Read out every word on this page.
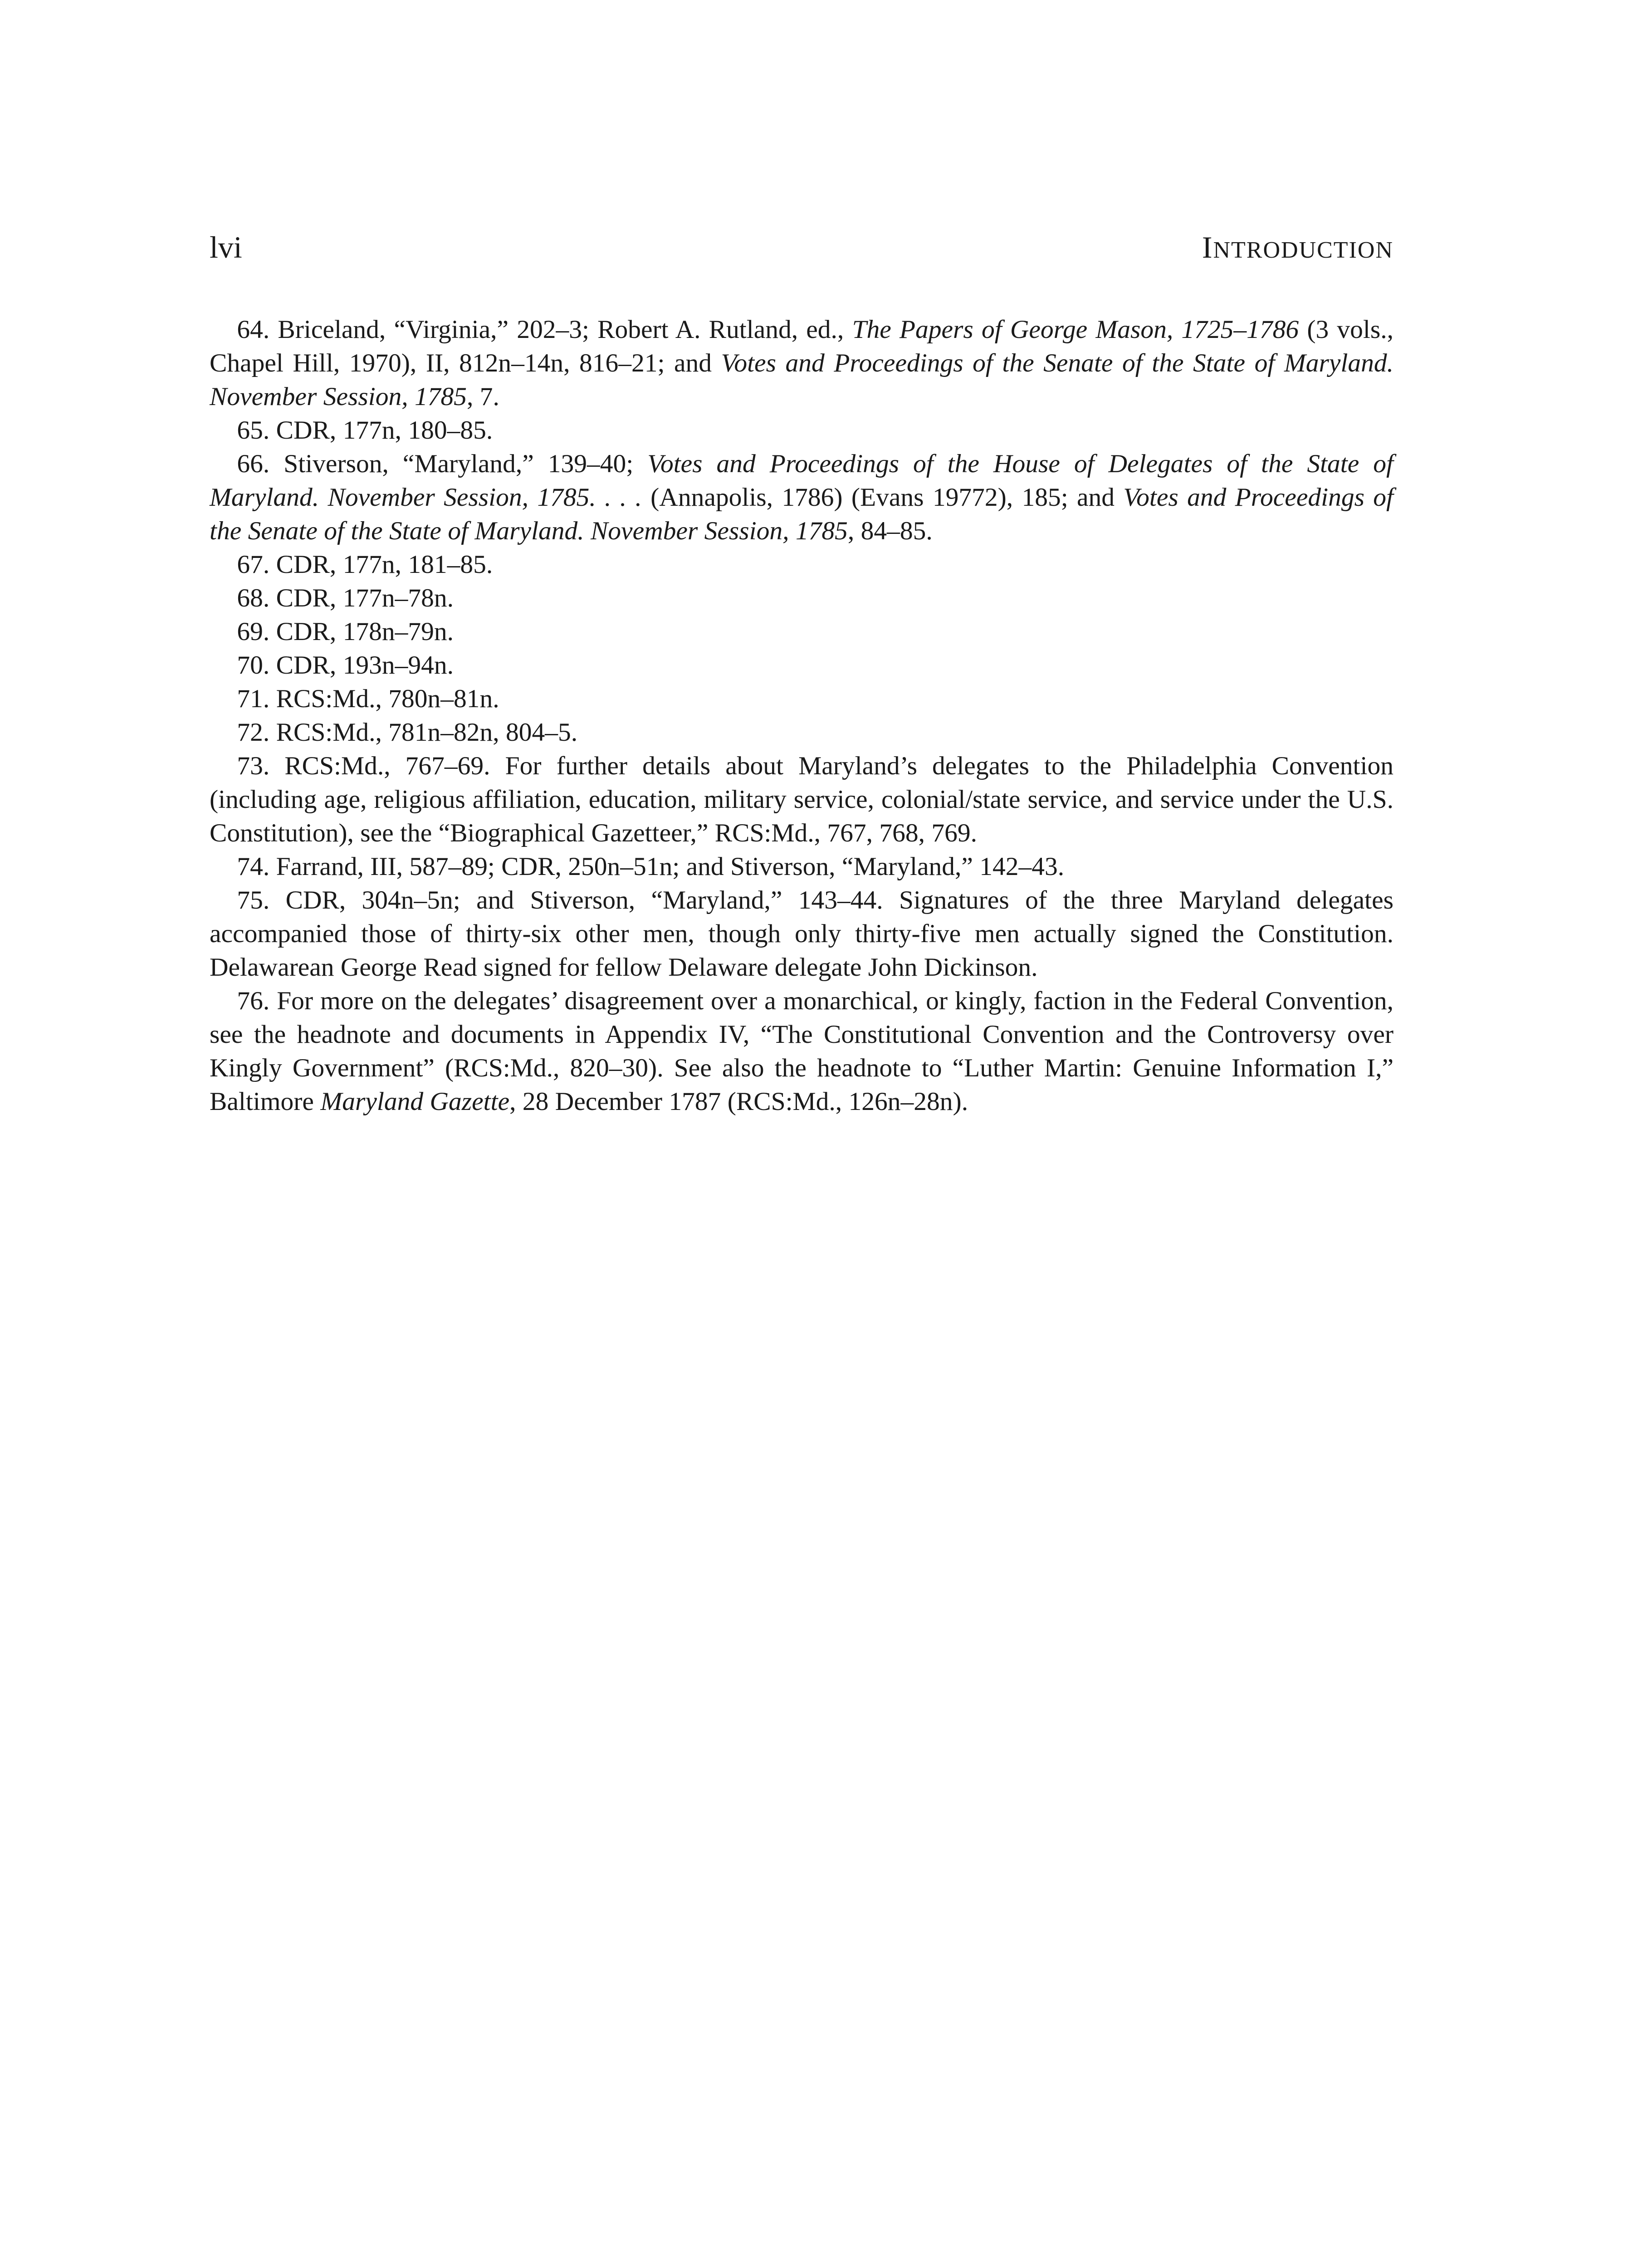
lvi	INTRODUCTION

64. Briceland, “Virginia,” 202–3; Robert A. Rutland, ed., The Papers of George Mason, 1725–1786 (3 vols., Chapel Hill, 1970), II, 812n–14n, 816–21; and Votes and Proceedings of the Senate of the State of Maryland. November Session, 1785, 7.

65. CDR, 177n, 180–85.

66. Stiverson, “Maryland,” 139–40; Votes and Proceedings of the House of Delegates of the State of Maryland. November Session, 1785. . . . (Annapolis, 1786) (Evans 19772), 185; and Votes and Proceedings of the Senate of the State of Maryland. November Session, 1785, 84–85.

67. CDR, 177n, 181–85.

68. CDR, 177n–78n.

69. CDR, 178n–79n.

70. CDR, 193n–94n.

71. RCS:Md., 780n–81n.

72. RCS:Md., 781n–82n, 804–5.

73. RCS:Md., 767–69. For further details about Maryland’s delegates to the Philadelphia Convention (including age, religious affiliation, education, military service, colonial/state service, and service under the U.S. Constitution), see the “Biographical Gazetteer,” RCS:Md., 767, 768, 769.

74. Farrand, III, 587–89; CDR, 250n–51n; and Stiverson, “Maryland,” 142–43.

75. CDR, 304n–5n; and Stiverson, “Maryland,” 143–44. Signatures of the three Maryland delegates accompanied those of thirty-six other men, though only thirty-five men actually signed the Constitution. Delawarean George Read signed for fellow Delaware delegate John Dickinson.

76. For more on the delegates’ disagreement over a monarchical, or kingly, faction in the Federal Convention, see the headnote and documents in Appendix IV, “The Constitutional Convention and the Controversy over Kingly Government” (RCS:Md., 820–30). See also the headnote to “Luther Martin: Genuine Information I,” Baltimore Maryland Gazette, 28 December 1787 (RCS:Md., 126n–28n).
